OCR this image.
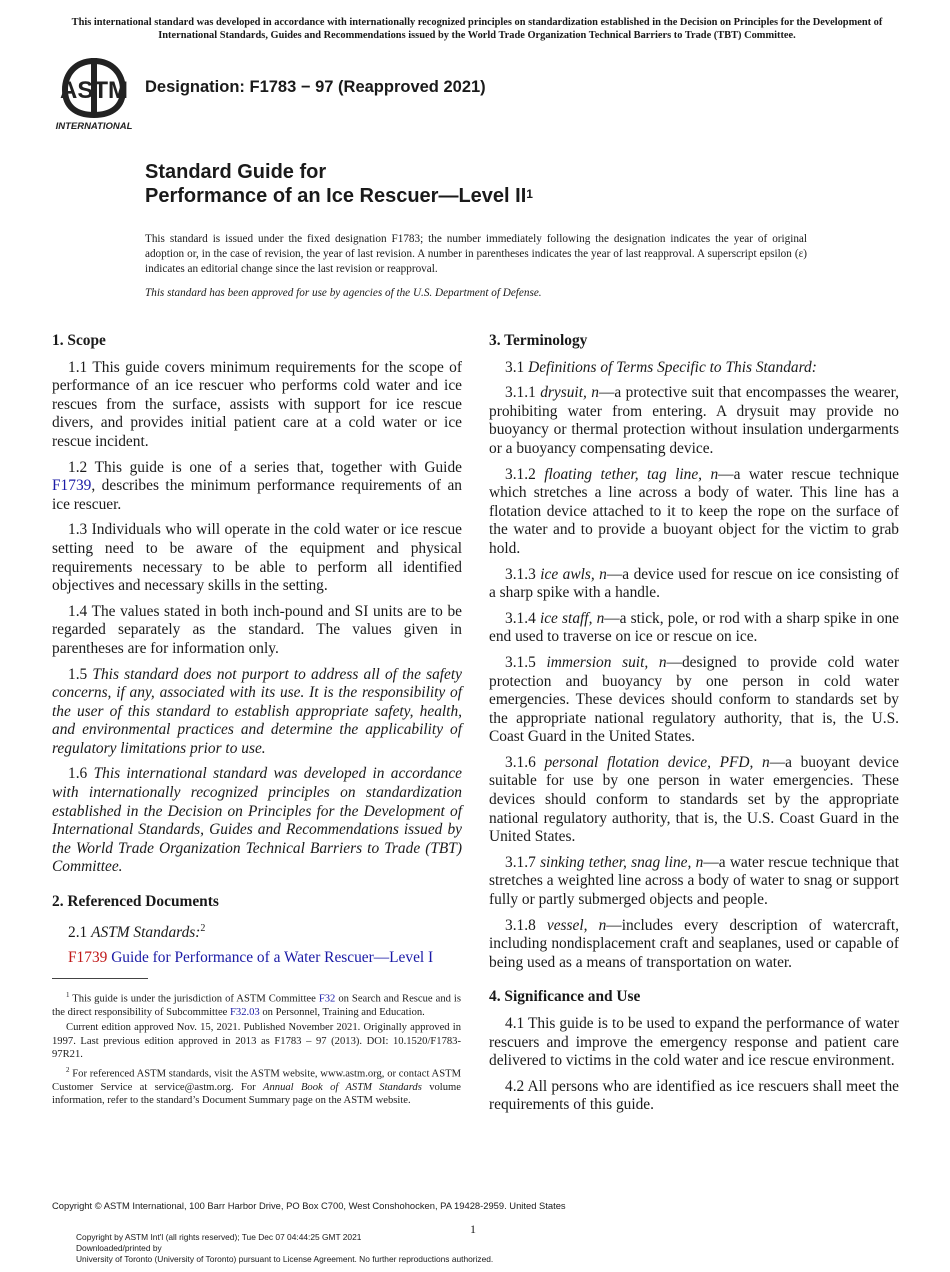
This international standard was developed in accordance with internationally recognized principles on standardization established in the Decision on Principles for the Development of International Standards, Guides and Recommendations issued by the World Trade Organization Technical Barriers to Trade (TBT) Committee.
ASTM
INTERNATIONAL
Designation: F1783 − 97 (Reapproved 2021)
Standard Guide for
Performance of an Ice Rescuer—Level $II^1$
This standard is issued under the fixed designation F1783; the number immediately following the designation indicates the year of original adoption or, in the case of revision, the year of last revision. A number in parentheses indicates the year of last reapproval. A superscript epsilon (ε) indicates an editorial change since the last revision or reapproval.
This standard has been approved for use by agencies of the U.S. Department of Defense.
1. Scope

1.1 This guide covers minimum requirements for the scope of performance of an ice rescuer who performs cold water and ice rescues from the surface, assists with support for ice rescue divers, and provides initial patient care at a cold water or ice rescue incident.

1.2 This guide is one of a series that, together with Guide F1739, describes the minimum performance requirements of an ice rescuer.

1.3 Individuals who will operate in the cold water or ice rescue setting need to be aware of the equipment and physical requirements necessary to be able to perform all identified objectives and necessary skills in the setting.

1.4 The values stated in both inch-pound and SI units are to be regarded separately as the standard. The values given in parentheses are for information only.

1.5 This standard does not purport to address all of the safety concerns, if any, associated with its use. It is the responsibility of the user of this standard to establish appropriate safety, health, and environmental practices and determine the applicability of regulatory limitations prior to use.

1.6 This international standard was developed in accordance with internationally recognized principles on standardization established in the Decision on Principles for the Development of International Standards, Guides and Recommendations issued by the World Trade Organization Technical Barriers to Trade (TBT) Committee.

2. Referenced Documents

2.1 ASTM Standards:$^2$

F1739 Guide for Performance of a Water Rescuer—Level I

3. Terminology

3.1 Definitions of Terms Specific to This Standard:

3.1.1 drysuit, n—a protective suit that encompasses the wearer, prohibiting water from entering. A drysuit may provide no buoyancy or thermal protection without insulation undergarments or a buoyancy compensating device.

3.1.2 floating tether, tag line, n—a water rescue technique which stretches a line across a body of water. This line has a flotation device attached to it to keep the rope on the surface of the water and to provide a buoyant object for the victim to grab hold.

3.1.3 ice awls, n—a device used for rescue on ice consisting of a sharp spike with a handle.

3.1.4 ice staff, n—a stick, pole, or rod with a sharp spike in one end used to traverse on ice or rescue on ice.

3.1.5 immersion suit, n—designed to provide cold water protection and buoyancy by one person in cold water emergencies. These devices should conform to standards set by the appropriate national regulatory authority, that is, the U.S. Coast Guard in the United States.

3.1.6 personal flotation device, PFD, n—a buoyant device suitable for use by one person in water emergencies. These devices should conform to standards set by the appropriate national regulatory authority, that is, the U.S. Coast Guard in the United States.

3.1.7 sinking tether, snag line, n—a water rescue technique that stretches a weighted line across a body of water to snag or support fully or partly submerged objects and people.

3.1.8 vessel, n—includes every description of watercraft, including nondisplacement craft and seaplanes, used or capable of being used as a means of transportation on water.

4. Significance and Use

4.1 This guide is to be used to expand the performance of water rescuers and improve the emergency response and patient care delivered to victims in the cold water and ice rescue environment.

4.2 All persons who are identified as ice rescuers shall meet the requirements of this guide.

$^1$ This guide is under the jurisdiction of ASTM Committee F32 on Search and Rescue and is the direct responsibility of Subcommittee F32.03 on Personnel, Training and Education.

Current edition approved Nov. 15, 2021. Published November 2021. Originally approved in 1997. Last previous edition approved in 2013 as F1783 – 97 (2013). DOI: 10.1520/F1783-97R21.

$^2$ For referenced ASTM standards, visit the ASTM website, www.astm.org, or contact ASTM Customer Service at service@astm.org. For Annual Book of ASTM Standards volume information, refer to the standard’s Document Summary page on the ASTM website.

Copyright © ASTM International, 100 Barr Harbor Drive, PO Box C700, West Conshohocken, PA 19428-2959. United States
1
Copyright by ASTM Int'l (all rights reserved); Tue Dec 07 04:44:25 GMT 2021
Downloaded/printed by
University of Toronto (University of Toronto) pursuant to License Agreement. No further reproductions authorized.
